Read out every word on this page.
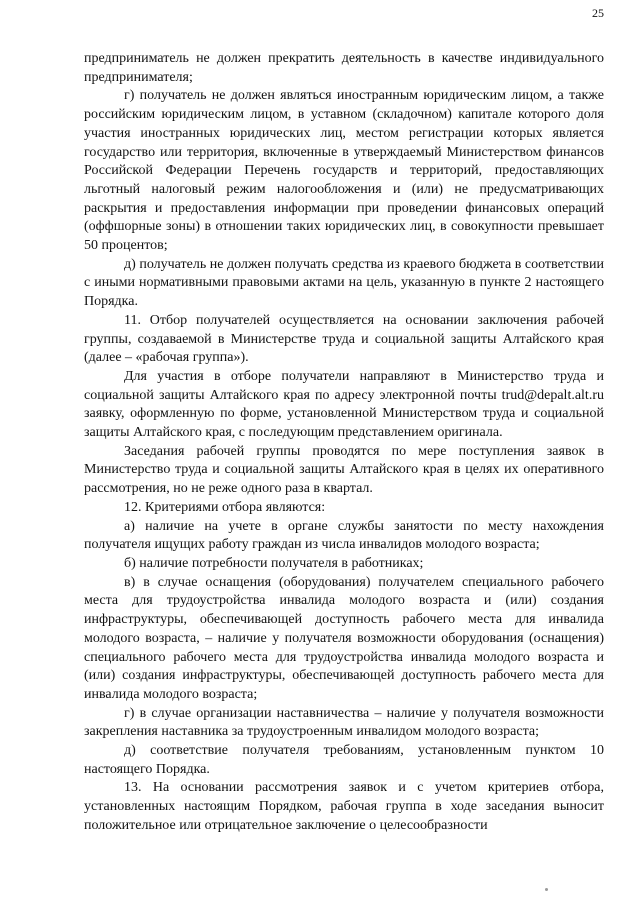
25

предприниматель не должен прекратить деятельность в качестве индивидуального предпринимателя;

г) получатель не должен являться иностранным юридическим лицом, а также российским юридическим лицом, в уставном (складочном) капитале которого доля участия иностранных юридических лиц, местом регистрации которых является государство или территория, включенные в утверждаемый Министерством финансов Российской Федерации Перечень государств и территорий, предоставляющих льготный налоговый режим налогообложения и (или) не предусматривающих раскрытия и предоставления информации при проведении финансовых операций (оффшорные зоны) в отношении таких юридических лиц, в совокупности превышает 50 процентов;

д) получатель не должен получать средства из краевого бюджета в соответствии с иными нормативными правовыми актами на цель, указанную в пункте 2 настоящего Порядка.

11. Отбор получателей осуществляется на основании заключения рабочей группы, создаваемой в Министерстве труда и социальной защиты Алтайского края (далее – «рабочая группа»).

Для участия в отборе получатели направляют в Министерство труда и социальной защиты Алтайского края по адресу электронной почты trud@depalt.alt.ru заявку, оформленную по форме, установленной Министерством труда и социальной защиты Алтайского края, с последующим представлением оригинала.

Заседания рабочей группы проводятся по мере поступления заявок в Министерство труда и социальной защиты Алтайского края в целях их оперативного рассмотрения, но не реже одного раза в квартал.

12. Критериями отбора являются:

а) наличие на учете в органе службы занятости по месту нахождения получателя ищущих работу граждан из числа инвалидов молодого возраста;

б) наличие потребности получателя в работниках;

в) в случае оснащения (оборудования) получателем специального рабочего места для трудоустройства инвалида молодого возраста и (или) создания инфраструктуры, обеспечивающей доступность рабочего места для инвалида молодого возраста, – наличие у получателя возможности оборудования (оснащения) специального рабочего места для трудоустройства инвалида молодого возраста и (или) создания инфраструктуры, обеспечивающей доступность рабочего места для инвалида молодого возраста;

г) в случае организации наставничества – наличие у получателя возможности закрепления наставника за трудоустроенным инвалидом молодого возраста;

д) соответствие получателя требованиям, установленным пунктом 10 настоящего Порядка.

13. На основании рассмотрения заявок и с учетом критериев отбора, установленных настоящим Порядком, рабочая группа в ходе заседания выносит положительное или отрицательное заключение о целесообразности
